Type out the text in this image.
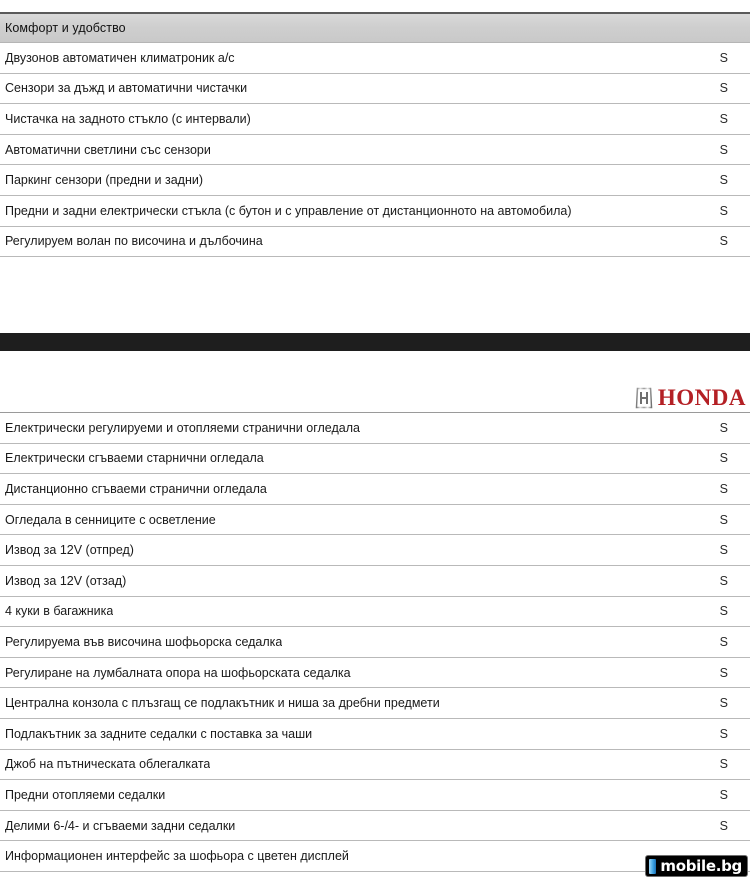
Комфорт и удобство
Двузонов автоматичен климатроник а/с	S
Сензори за дъжд и автоматични чистачки	S
Чистачка на задното стъкло (с интервали)	S
Автоматични светлини със сензори	S
Паркинг сензори (предни и задни)	S
Предни и задни електрически стъкла (с бутон и с управление от дистанционното на автомобила)	S
Регулируем волан по височина и дълбочина	S
HONDA
Електрически регулируеми и отопляеми странични огледала	S
Електрически сгъваеми старнични огледала	S
Дистанционно сгъваеми странични огледала	S
Огледала в сенниците с осветление	S
Извод за 12V (отпред)	S
Извод за 12V (отзад)	S
4 куки в багажника	S
Регулируема във височина шофьорска седалка	S
Регулиране на лумбалната опора на шофьорската седалка	S
Централна конзола с плъзгащ се подлакътник и ниша за дребни предмети	S
Подлакътник за задните седалки с поставка за чаши	S
Джоб на пътническата облегалката	S
Предни отопляеми седалки	S
Делими 6-/4- и сгъваеми задни седалки	S
Информационен интерфейс за шофьора с цветен дисплей
mobile.bg
